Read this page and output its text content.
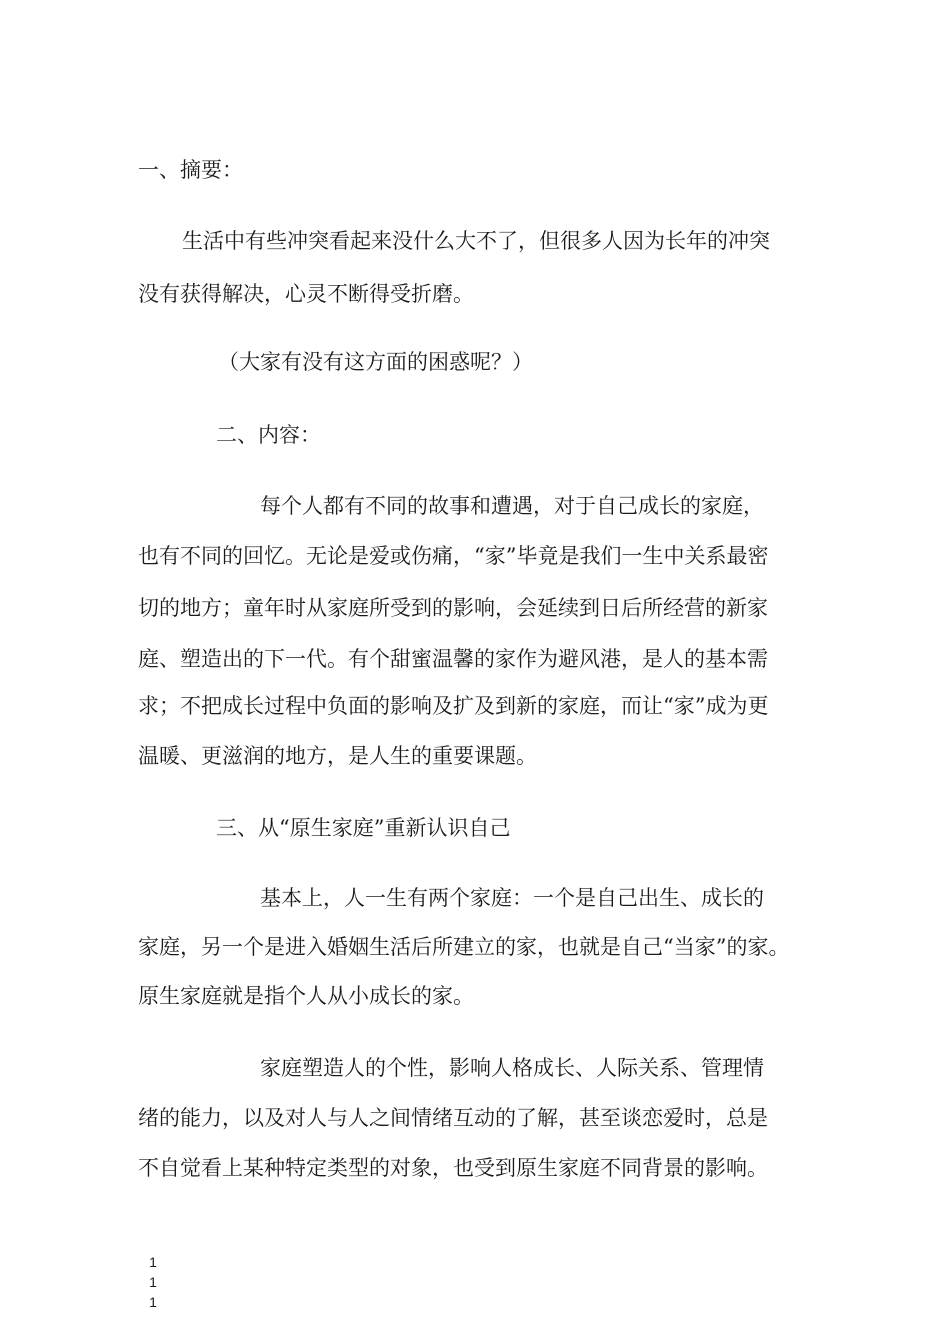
一、摘要：
生活中有些冲突看起来没什么大不了，但很多人因为长年的冲突
没有获得解决，心灵不断得受折磨。
（大家有没有这方面的困惑呢？）
二、内容：
每个人都有不同的故事和遭遇，对于自己成长的家庭，
也有不同的回忆。无论是爱或伤痛，“家”毕竟是我们一生中关系最密
切的地方；童年时从家庭所受到的影响，会延续到日后所经营的新家
庭、塑造出的下一代。有个甜蜜温馨的家作为避风港，是人的基本需
求；不把成长过程中负面的影响及扩及到新的家庭，而让“家”成为更
温暖、更滋润的地方，是人生的重要课题。
三、从“原生家庭”重新认识自己
基本上，人一生有两个家庭：一个是自己出生、成长的
家庭，另一个是进入婚姻生活后所建立的家，也就是自己“当家”的家。
原生家庭就是指个人从小成长的家。
家庭塑造人的个性，影响人格成长、人际关系、管理情
绪的能力，以及对人与人之间情绪互动的了解，甚至谈恋爱时，总是
不自觉看上某种特定类型的对象，也受到原生家庭不同背景的影响。
1
1
1
